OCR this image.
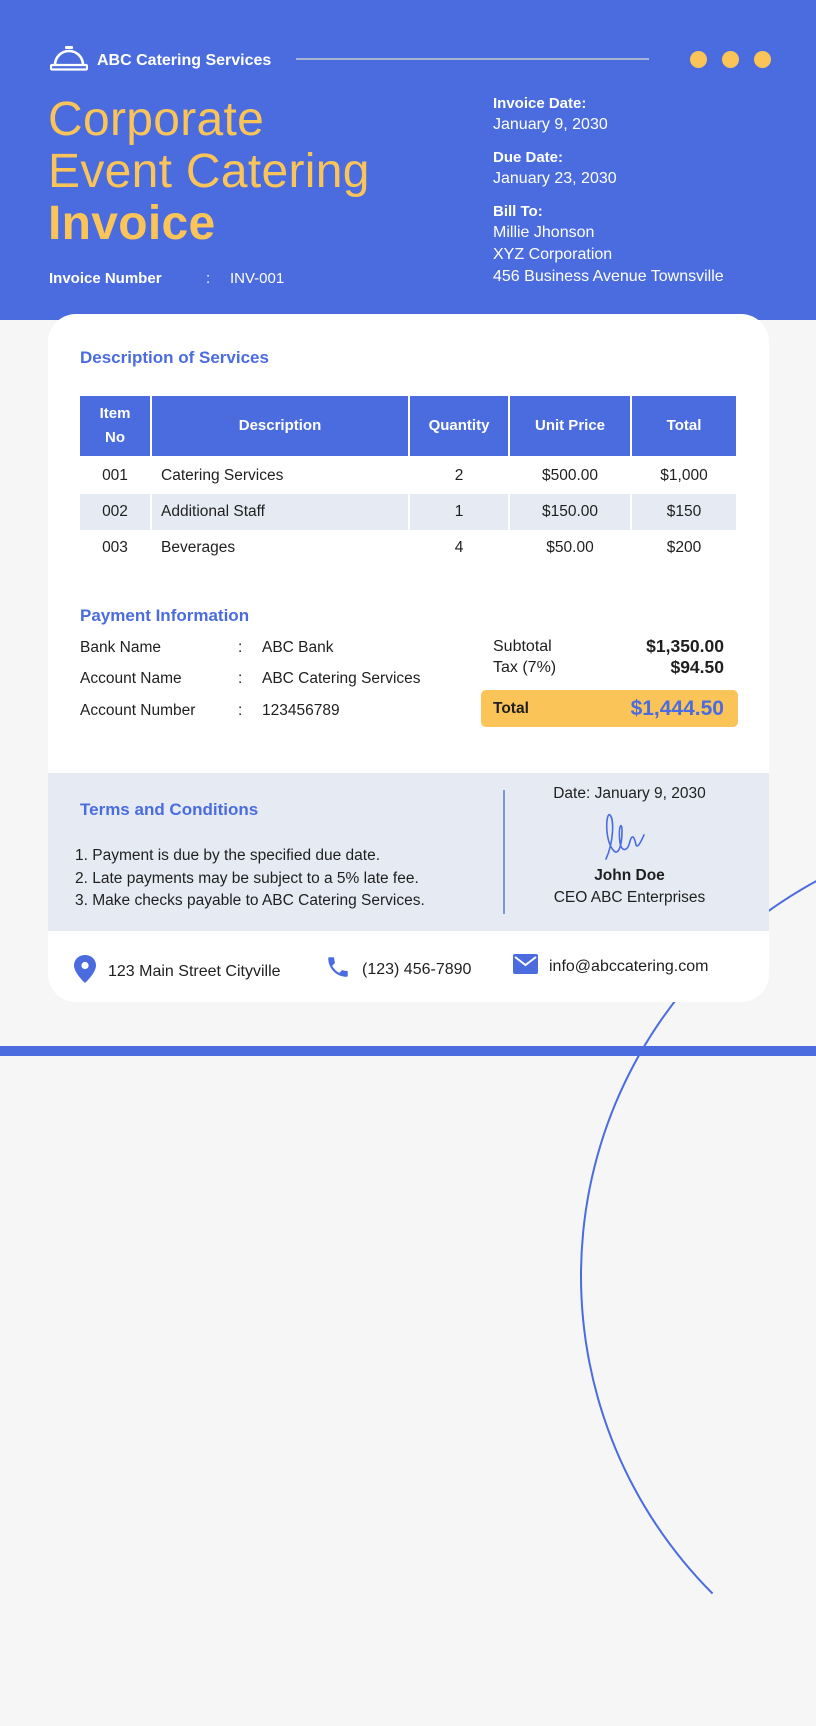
ABC Catering Services
Corporate
Event Catering
Invoice
Invoice Number	:	INV-001
Invoice Date:
January 9, 2030
Due Date:
January 23, 2030
Bill To:
Millie Jhonson
XYZ Corporation
456 Business Avenue Townsville
Description of Services
Item
No	Description	Quantity	Unit Price	Total
001	Catering Services	2	$500.00	$1,000
002	Additional Staff	1	$150.00	$150
003	Beverages	4	$50.00	$200
Payment Information
Bank Name	:	ABC Bank
Account Name	:	ABC Catering Services
Account Number	:	123456789
Subtotal	$1,350.00
Tax (7%)	$94.50
Total	$1,444.50
Terms and Conditions
1. Payment is due by the specified due date.
2. Late payments may be subject to a 5% late fee.
3. Make checks payable to ABC Catering Services.
Date: January 9, 2030
John Doe
CEO ABC Enterprises
123 Main Street Cityville	(123) 456-7890	info@abccatering.com
